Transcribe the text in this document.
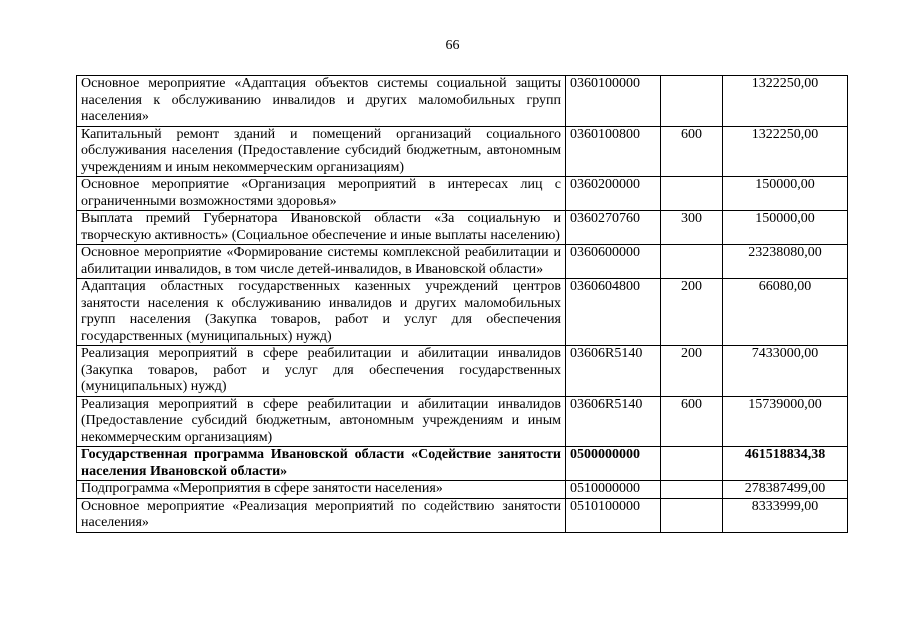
66
Основное мероприятие «Адаптация объектов системы социальной защиты населения к обслуживанию инвалидов и других маломобильных групп населения»	0360100000		1322250,00
Капитальный ремонт зданий и помещений организаций социального обслуживания населения (Предоставление субсидий бюджетным, автономным учреждениям и иным некоммерческим организациям)	0360100800	600	1322250,00
Основное мероприятие «Организация мероприятий в интересах лиц с ограниченными возможностями здоровья»	0360200000		150000,00
Выплата премий Губернатора Ивановской области «За социальную и творческую активность» (Социальное обеспечение и иные выплаты населению)	0360270760	300	150000,00
Основное мероприятие «Формирование системы комплексной реабилитации и абилитации инвалидов, в том числе детей-инвалидов, в Ивановской области»	0360600000		23238080,00
Адаптация областных государственных казенных учреждений центров занятости населения к обслуживанию инвалидов и других маломобильных групп населения (Закупка товаров, работ и услуг для обеспечения государственных (муниципальных) нужд)	0360604800	200	66080,00
Реализация мероприятий в сфере реабилитации и абилитации инвалидов (Закупка товаров, работ и услуг для обеспечения государственных (муниципальных) нужд)	03606R5140	200	7433000,00
Реализация мероприятий в сфере реабилитации и абилитации инвалидов (Предоставление субсидий бюджетным, автономным учреждениям и иным некоммерческим организациям)	03606R5140	600	15739000,00
Государственная программа Ивановской области «Содействие занятости населения Ивановской области»	0500000000		461518834,38
Подпрограмма «Мероприятия в сфере занятости населения»	0510000000		278387499,00
Основное мероприятие «Реализация мероприятий по содействию занятости населения»	0510100000		8333999,00
